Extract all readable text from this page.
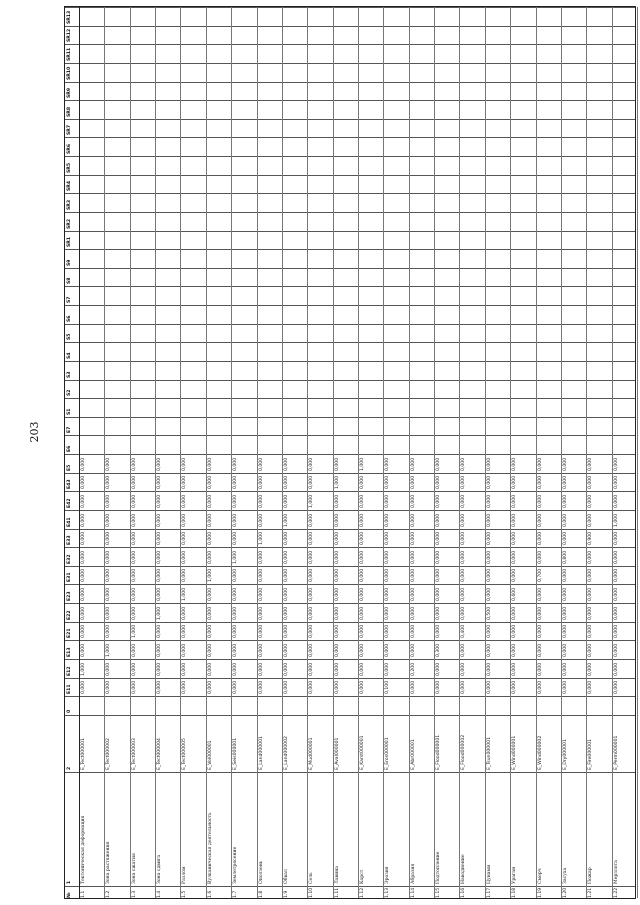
203
№
1
2
0
E11
E12
E13
E21
E22
E23
E31
E32
E33
E41
E42
E43
E5
E6
E7
S1
S2
S3
S4
S5
S6
S7
S8
S9
SR1
SR2
SR3
SR4
SR5
SR6
SR7
SR8
SR9
SR10
SR11
SR12
SR13
1.1
Тектоническая деформация
E_Tect000001
0,000
1,000
0,000
0,000
0,000
0,000
0,000
0,000
0,000
0,000
0,000
0,000
0,000
1.2
Зона растяжения
E_Tect000002
0,000
0,000
1,000
0,000
0,000
0,000
0,000
0,000
0,000
0,000
0,000
0,000
0,000
1.3
Зона сжатия
E_Tect000003
0,000
0,000
0,000
1,000
0,000
0,000
0,000
0,000
0,000
0,000
0,000
0,000
0,000
1.4
Зона сдвига
E_Tect000004
0,000
0,000
0,000
0,000
1,000
0,000
0,000
0,000
0,000
0,000
0,000
0,000
0,000
1.5
Разлом
E_Tect000005
0,000
0,000
0,000
0,000
0,000
1,000
0,000
0,000
0,000
0,000
0,000
0,000
0,000
1.6
Вулканическая деятельность
E_Vol000001
0,000
0,000
0,000
0,000
0,000
0,000
1,000
0,000
0,000
0,000
0,000
0,000
0,000
1.7
Землетрясение
E_Seis000001
0,000
0,000
0,000
0,000
0,000
0,000
0,000
1,000
0,000
0,000
0,000
0,000
0,000
1.8
Оползень
E_Land000001
0,000
0,000
0,000
0,000
0,000
0,000
0,000
0,000
1,000
0,000
0,000
0,000
0,000
1.9
Обвал
E_Land000002
0,000
0,000
0,000
0,000
0,000
0,000
0,000
0,000
0,000
1,000
0,000
0,000
0,000
1.10
Сель
E_Mud000001
0,000
0,000
0,000
0,000
0,000
0,000
0,000
0,000
0,000
0,000
1,000
0,000
0,000
1.11
Лавина
E_Aval000001
0,000
0,000
0,000
0,000
0,000
0,000
0,000
0,000
0,000
0,000
0,000
1,000
0,000
1.12
Карст
E_Karst000001
0,000
0,000
0,000
0,000
0,000
0,000
0,000
0,000
0,000
0,000
0,000
0,000
1,000
1.13
Эрозия
E_Eros000001
0,100
0,000
0,000
0,000
0,000
0,000
0,000
0,000
0,000
0,000
0,000
0,000
0,000
1.14
Абразия
E_Abr000001
0,000
0,200
0,000
0,000
0,000
0,000
0,000
0,000
0,000
0,000
0,000
0,000
0,000
1.15
Подтопление
E_Flood000001
0,000
0,000
0,300
0,000
0,000
0,000
0,000
0,000
0,000
0,000
0,000
0,000
0,000
1.16
Наводнение
E_Flood000002
0,000
0,000
0,000
0,400
0,000
0,000
0,000
0,000
0,000
0,000
0,000
0,000
0,000
1.17
Цунами
E_Tsun000001
0,000
0,000
0,000
0,000
0,500
0,000
0,000
0,000
0,000
0,000
0,000
0,000
0,000
1.18
Ураган
E_Wind000001
0,000
0,000
0,000
0,000
0,000
0,600
0,000
0,000
0,000
0,000
0,000
0,000
0,000
1.19
Смерч
E_Wind000002
0,000
0,000
0,000
0,000
0,000
0,000
0,700
0,000
0,000
0,000
0,000
0,000
0,000
1.20
Засуха
E_Dry000001
0,000
0,000
0,000
0,000
0,000
0,000
0,000
0,800
0,000
0,000
0,000
0,000
0,000
1.21
Пожар
E_Fire000001
0,000
0,000
0,000
0,000
0,000
0,000
0,000
0,000
0,900
0,000
0,000
0,000
0,000
1.22
Мерзлота
E_Perm000001
0,000
0,000
0,000
0,000
0,000
0,000
0,000
0,000
0,000
1,000
0,000
0,000
0,000
